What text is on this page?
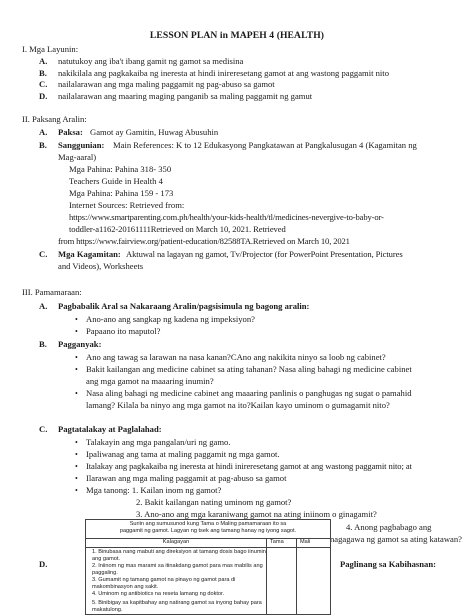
LESSON PLAN in MAPEH 4 (HEALTH)
I. Mga Layunin:
A. natutukoy ang iba't ibang gamit ng gamot sa medisina
B. nakikilala ang pagkakaiba ng ineresta at hindi inireresetang gamot at ang wastong paggamit nito
C. nailalarawan ang mga maling paggamit ng pag-abuso sa gamot
D. nailalarawan ang maaring maging panganib sa maling paggamit ng gamut
II. Paksang Aralin:
A. Paksa: Gamot ay Gamitin, Huwag Abusuhin
B. Sanggunian: Main References: K to 12 Edukasyong Pangkatawan at Pangkalusugan 4 (Kagamitan ng
Mag-aaral)
Mga Pahina: Pahina 318- 350
Teachers Guide in Health 4
Mga Pahina: Pahina 159 - 173
Internet Sources: Retrieved from:
https://www.smartparenting.com.ph/health/your-kids-health/tl/medicines-nevergive-to-baby-or-
toddler-a1162-20161111Retrieved on March 10, 2021. Retrieved
from https://www.fairview.org/patient-education/82588TA.Retrieved on March 10, 2021
C. Mga Kagamitan: Aktuwal na lagayan ng gamot, Tv/Projector (for PowerPoint Presentation, Pictures
and Videos), Worksheets
III. Pamamaraan:
A. Pagbabalik Aral sa Nakaraang Aralin/pagsisimula ng bagong aralin:
• Ano-ano ang sangkap ng kadena ng impeksiyon?
• Papaano ito maputol?
B. Pagganyak:
• Ano ang tawag sa larawan na nasa kanan?CAno ang nakikita ninyo sa loob ng cabinet?
• Bakit kailangan ang medicine cabinet sa ating tahanan? Nasa aling bahagi ng medicine cabinet
ang mga gamot na maaaring inumin?
• Nasa aling bahagi ng medicine cabinet ang maaaring panlinis o panghugas ng sugat o pamahid
lamang? Kilala ba ninyo ang mga gamot na ito?Kailan kayo uminom o gumagamit nito?
C. Pagtatalakay at Paglalahad:
• Talakayin ang mga pangalan/uri ng gamo.
• Ipaliwanag ang tama at maling paggamit ng mga gamot.
• Italakay ang pagkakaiba ng ineresta at hindi inireresetang gamot at ang wastong paggamit nito; at
• Ilarawan ang mga maling paggamit at pag-abuso sa gamot
• Mga tanong: 1. Kailan inom ng gamot?
2. Bakit kailangan nating uminom ng gamot?
3. Ano-ano ang mga karaniwang gamot na ating iniinom o ginagamit?
4. Anong pagbabago ang
nagagawa ng gamot sa ating katawan?
D.	Paglinang sa Kabihasnan:
Suriin ang sumusunod kung Tama o Maling pamamaraan ito sa
paggamit ng gamot. Lagyan ng tsek ang tamang hanay ng iyong sagot.
Kalagayan	Tama	Mali
1. Binubasa nang mabuti ang direksiyon at tamang dosis bago iinumin ang gamot.
2. Iniinom ng mas marami sa itinakdang gamot para mas mabilis ang paggaling.
3. Gumamit ng tamang gamot na pinayo ng gamot para di makombinasyon ang sakit.
4. Uminom ng antibiotics na reseta lamang ng doktor.
5. Binibigay sa kapitbahay ang natirang gamot sa inyong bahay para makatulong.
